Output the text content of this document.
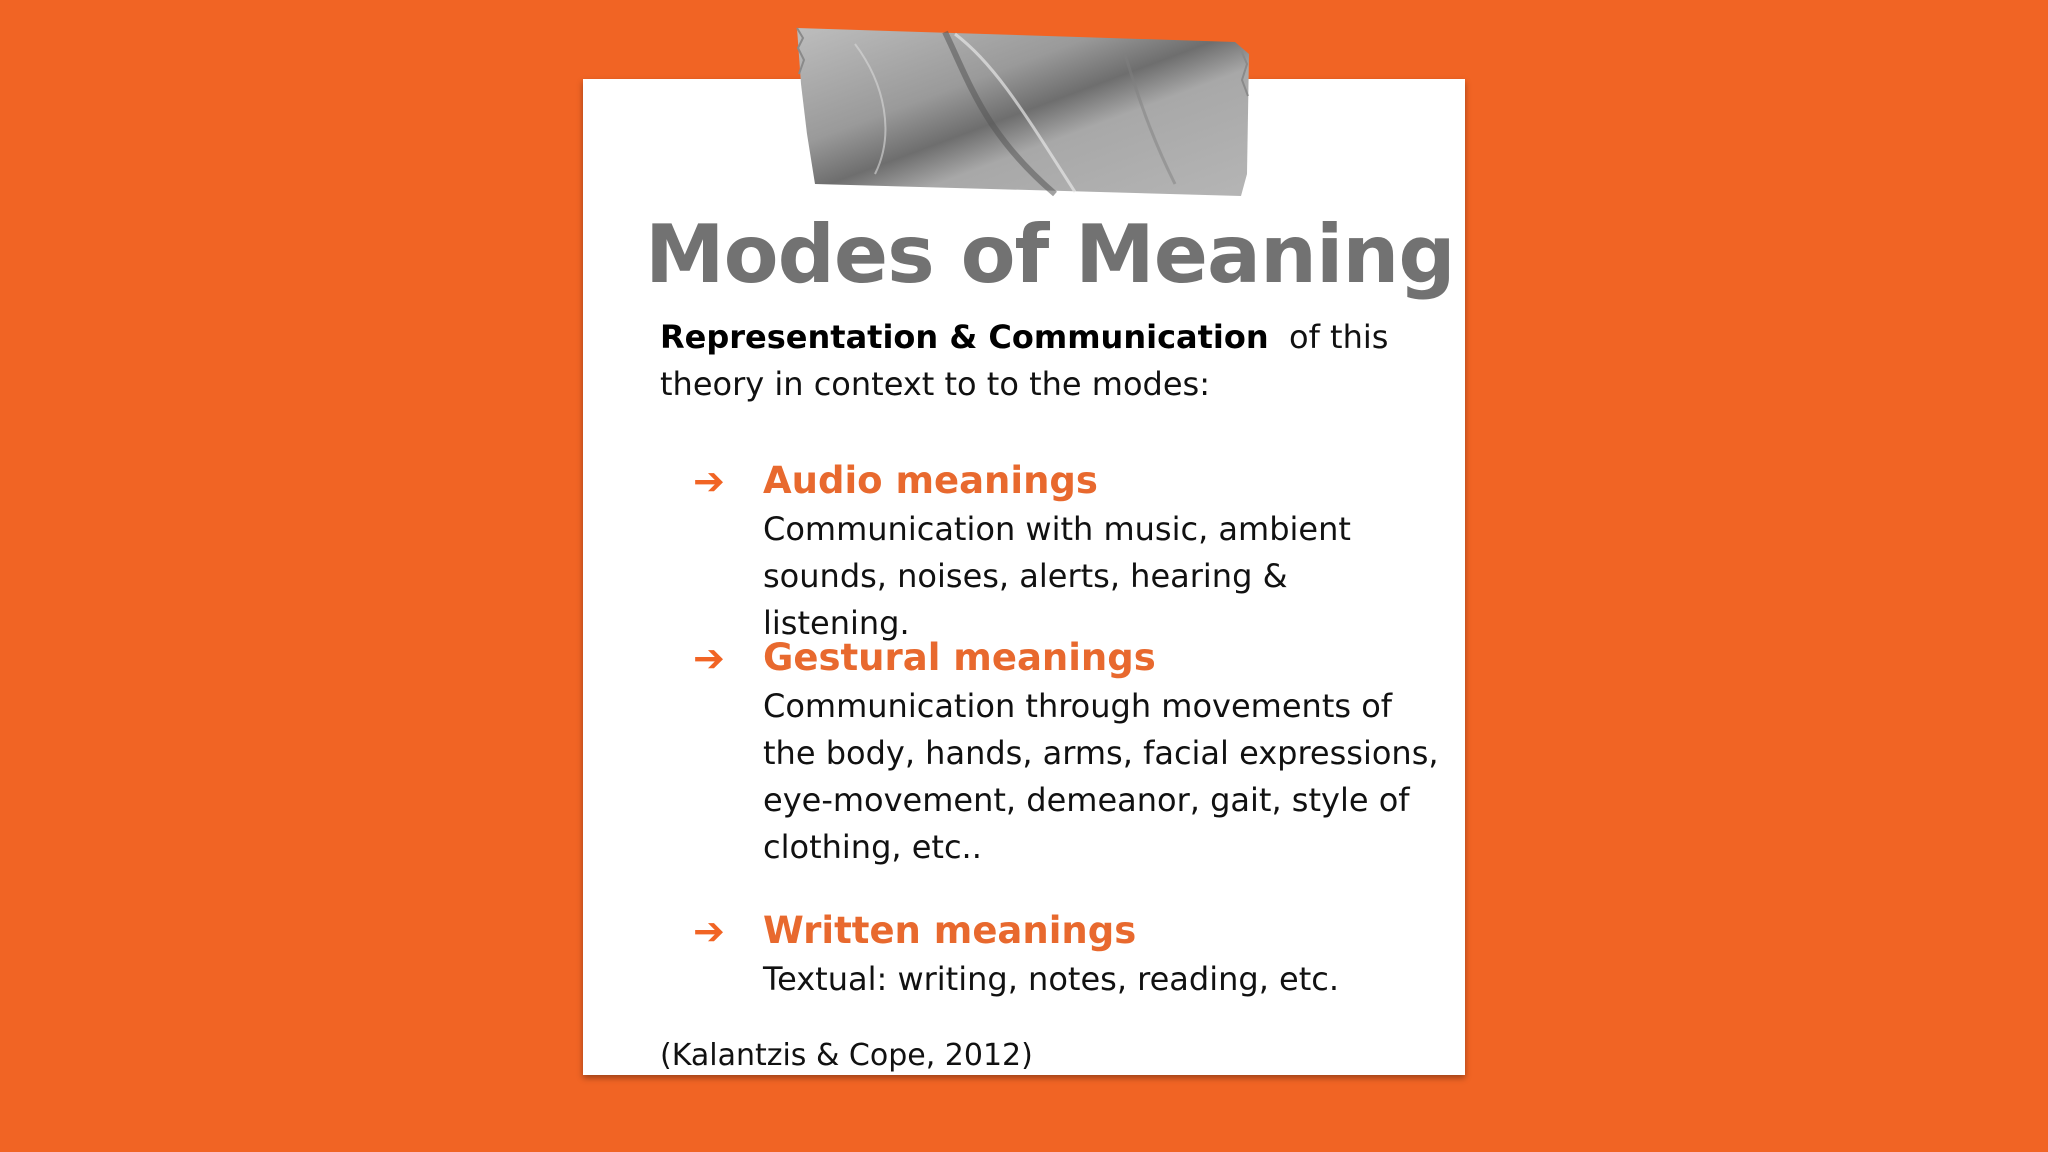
Modes of Meaning
Representation & Communication  of this
theory in context to to the modes:
➔	Audio meanings
Communication with music, ambient sounds, noises, alerts, hearing & listening.
➔	Gestural meanings
Communication through movements of the body, hands, arms, facial expressions, eye-movement, demeanor, gait, style of clothing, etc..
➔	Written meanings
Textual: writing, notes, reading, etc.
(Kalantzis & Cope, 2012)
